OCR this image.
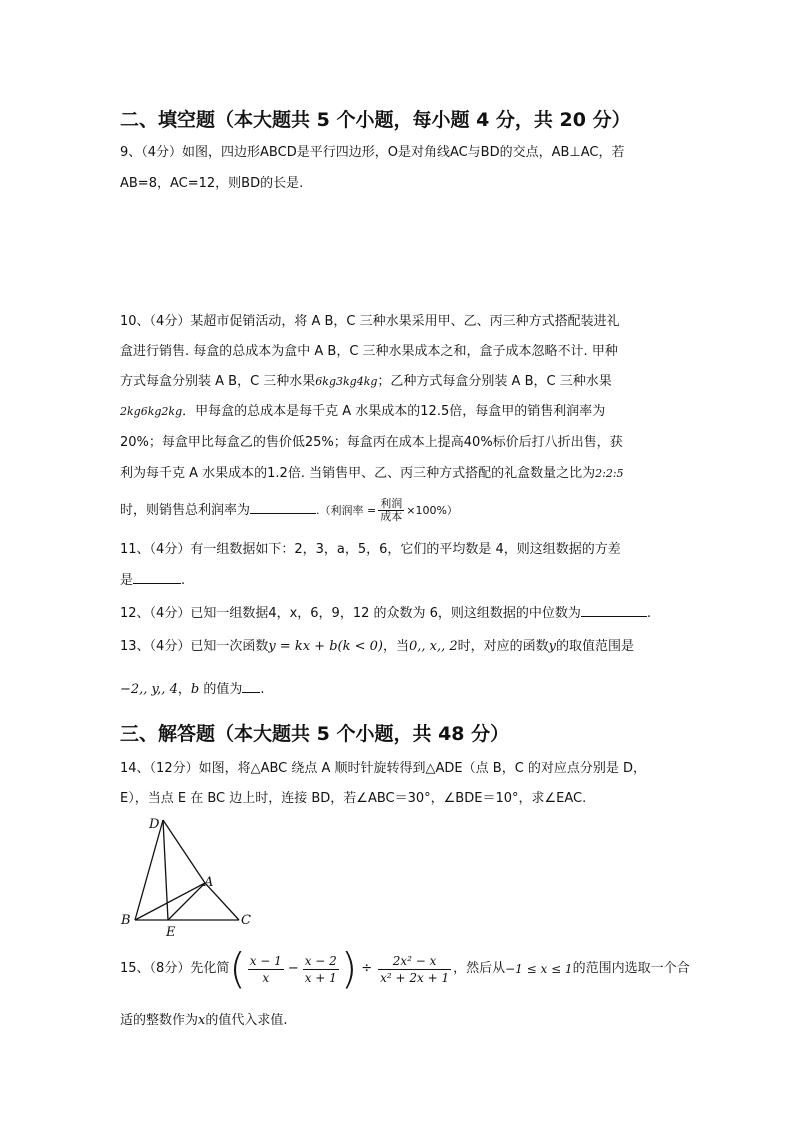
二、填空题（本大题共 5 个小题，每小题 4 分，共 20 分）
9、（4分）如图，四边形ABCD是平行四边形，O是对角线AC与BD的交点，AB⊥AC，若
AB=8，AC=12，则BD的长是.
10、（4分）某超市促销活动，将 A B，C 三种水果采用甲、乙、丙三种方式搭配装进礼
盒进行销售. 每盒的总成本为盒中 A B，C 三种水果成本之和，盒子成本忽略不计. 甲种
方式每盒分别装 A B，C 三种水果6kg3kg4kg；乙种方式每盒分别装 A B，C 三种水果
2kg6kg2kg．甲每盒的总成本是每千克 A 水果成本的12.5倍，每盒甲的销售利润率为
20%；每盒甲比每盒乙的售价低25%；每盒丙在成本上提高40%标价后打八折出售，获
利为每千克 A 水果成本的1.2倍. 当销售甲、乙、丙三种方式搭配的礼盒数量之比为2:2:5
时，则销售总利润率为	.（利润率 = $\frac{\text{利润}}{\text{成本}} \times 100\%$）
11、（4分）有一组数据如下：2，3，a，5，6，它们的平均数是 4，则这组数据的方差
是	.
12、（4分）已知一组数据4，x，6，9，12 的众数为 6，则这组数据的中位数为	.
13、（4分）已知一次函数y = kx + b(k < 0)，当0,, x,, 2时，对应的函数y的取值范围是
−2,, y,, 4，b 的值为 .
三、解答题（本大题共 5 个小题，共 48 分）
14、（12分）如图，将△ABC 绕点 A 顺时针旋转得到△ADE（点 B，C 的对应点分别是 D，
E），当点 E 在 BC 边上时，连接 BD，若∠ABC＝30°，∠BDE＝10°，求∠EAC.
D
A
B
E
C
15、（8分）先化简 ( $\frac{x - 1}{x} - \frac{x - 2}{x + 1}$ ) ÷ $\frac{\text{2x² − x}}{\text{x² + 2x + 1}}$ ，然后从 −1 ≤ x ≤ 1 的范围内选取一个合
适的整数作为x的值代入求值.
